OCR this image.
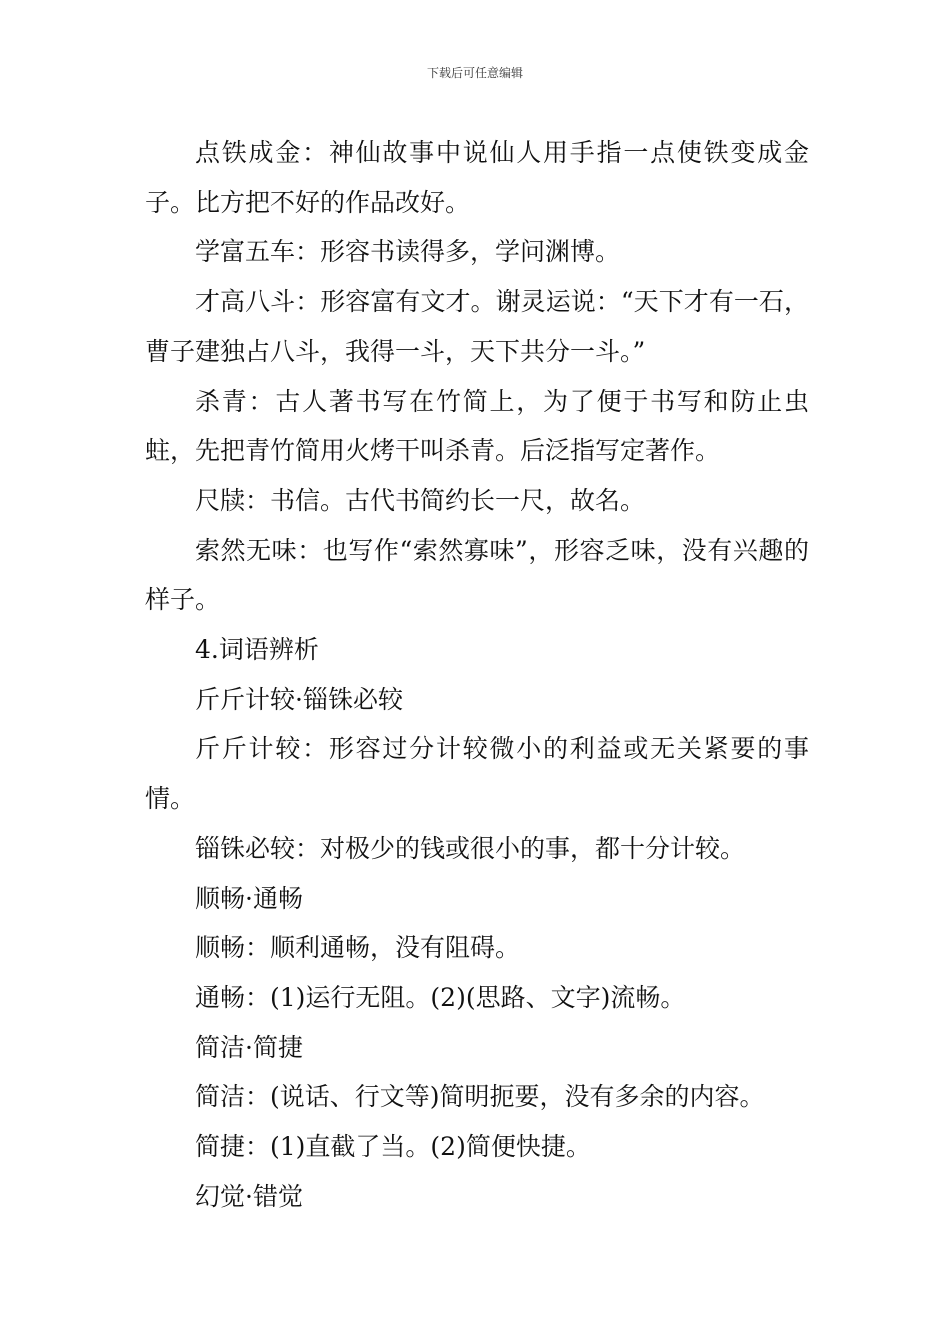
下载后可任意编辑

点铁成金：神仙故事中说仙人用手指一点使铁变成金子。比方把不好的作品改好。

学富五车：形容书读得多，学问渊博。

才高八斗：形容富有文才。谢灵运说：“天下才有一石，曹子建独占八斗，我得一斗，天下共分一斗。”

杀青：古人著书写在竹简上，为了便于书写和防止虫蛀，先把青竹简用火烤干叫杀青。后泛指写定著作。

尺牍：书信。古代书简约长一尺，故名。

索然无味：也写作“索然寡味”，形容乏味，没有兴趣的样子。

4.词语辨析

斤斤计较·锱铢必较

斤斤计较：形容过分计较微小的利益或无关紧要的事情。

锱铢必较：对极少的钱或很小的事，都十分计较。

顺畅·通畅

顺畅：顺利通畅，没有阻碍。

通畅：(1)运行无阻。(2)(思路、文字)流畅。

简洁·简捷

简洁：(说话、行文等)简明扼要，没有多余的内容。

简捷：(1)直截了当。(2)简便快捷。

幻觉·错觉
